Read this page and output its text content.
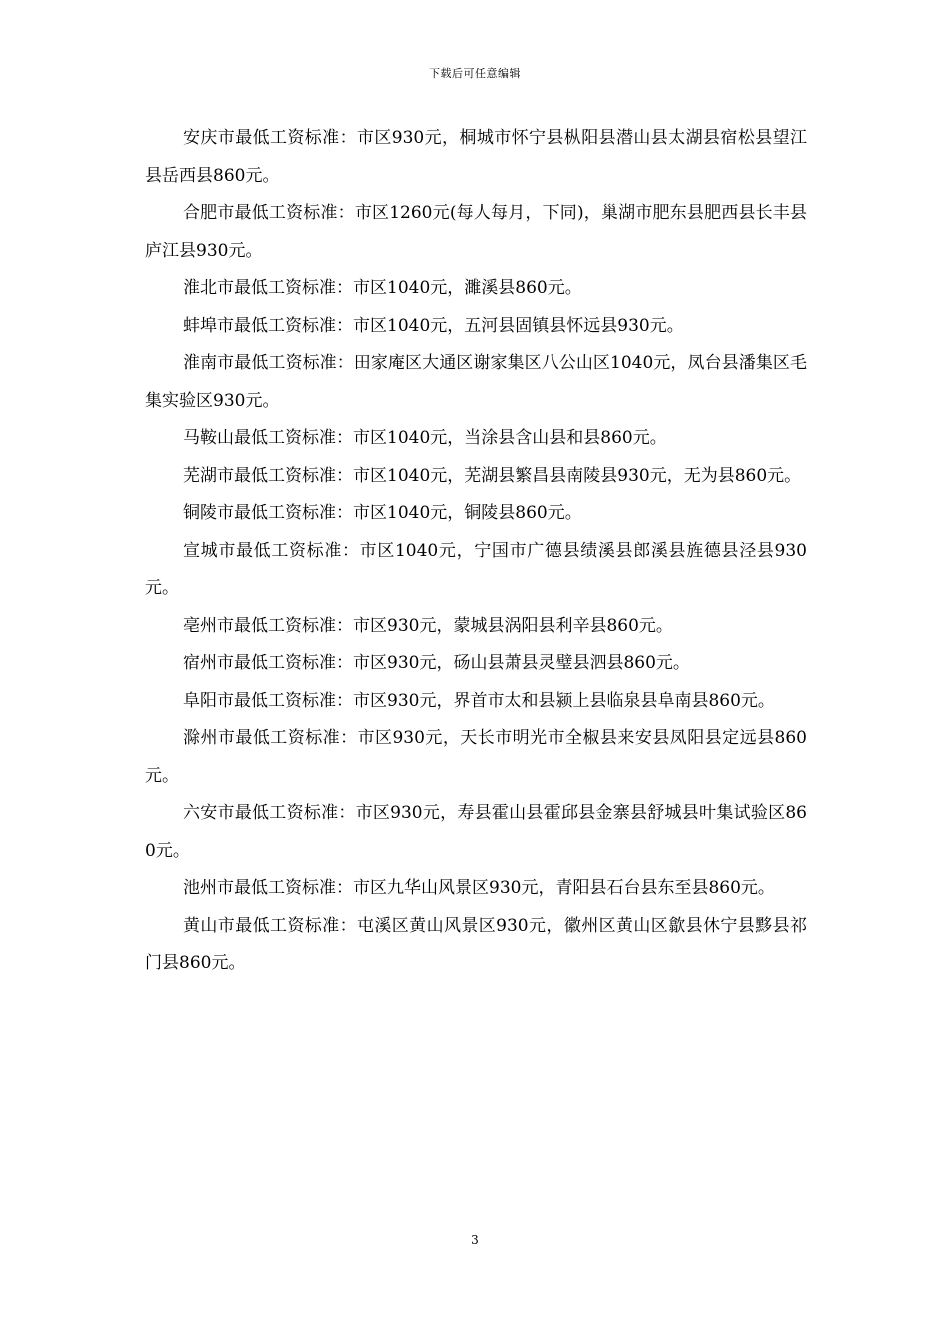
下载后可任意编辑

安庆市最低工资标准：市区930元，桐城市怀宁县枞阳县潜山县太湖县宿松县望江县岳西县860元。

合肥市最低工资标准：市区1260元(每人每月，下同)，巢湖市肥东县肥西县长丰县庐江县930元。

淮北市最低工资标准：市区1040元，濉溪县860元。

蚌埠市最低工资标准：市区1040元，五河县固镇县怀远县930元。

淮南市最低工资标准：田家庵区大通区谢家集区八公山区1040元，凤台县潘集区毛集实验区930元。

马鞍山最低工资标准：市区1040元，当涂县含山县和县860元。

芜湖市最低工资标准：市区1040元，芜湖县繁昌县南陵县930元，无为县860元。

铜陵市最低工资标准：市区1040元，铜陵县860元。

宣城市最低工资标准：市区1040元，宁国市广德县绩溪县郎溪县旌德县泾县930元。

亳州市最低工资标准：市区930元，蒙城县涡阳县利辛县860元。

宿州市最低工资标准：市区930元，砀山县萧县灵璧县泗县860元。

阜阳市最低工资标准：市区930元，界首市太和县颍上县临泉县阜南县860元。

滁州市最低工资标准：市区930元，天长市明光市全椒县来安县凤阳县定远县860元。

六安市最低工资标准：市区930元，寿县霍山县霍邱县金寨县舒城县叶集试验区860元。

池州市最低工资标准：市区九华山风景区930元，青阳县石台县东至县860元。

黄山市最低工资标准：屯溪区黄山风景区930元，徽州区黄山区歙县休宁县黟县祁门县860元。

3
